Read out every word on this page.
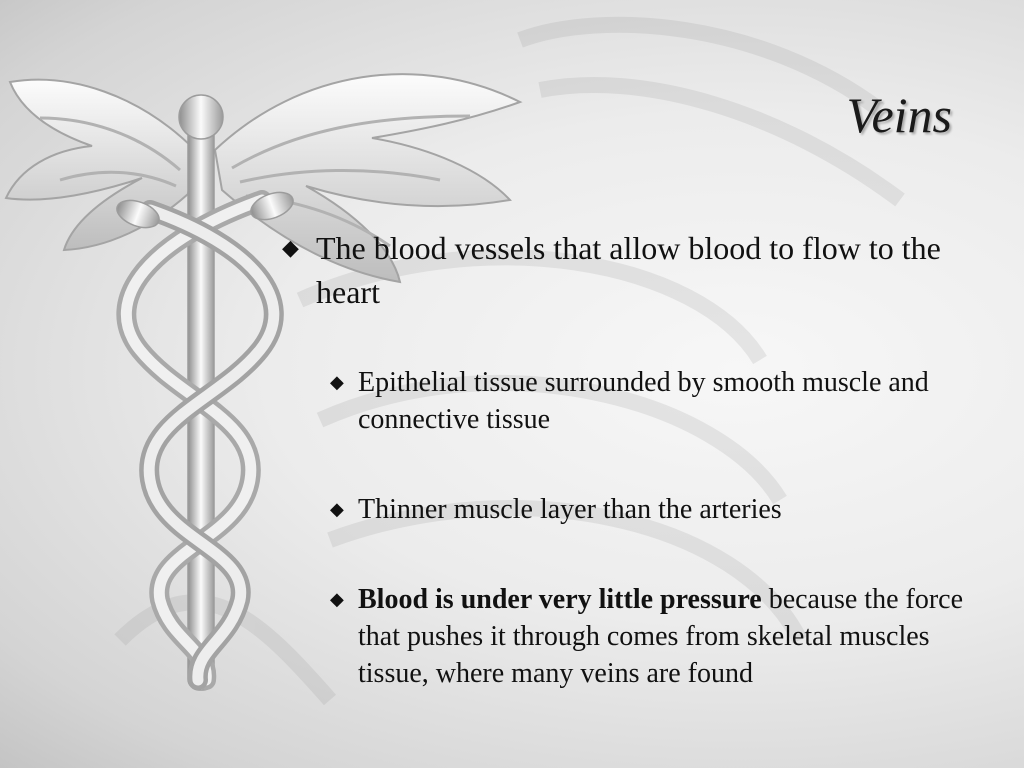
Veins

◆ The blood vessels that allow blood to flow to the heart

◆ Epithelial tissue surrounded by smooth muscle and connective tissue

◆ Thinner muscle layer than the arteries

◆ Blood is under very little pressure because the force that pushes it through comes from skeletal muscles tissue, where many veins are found
